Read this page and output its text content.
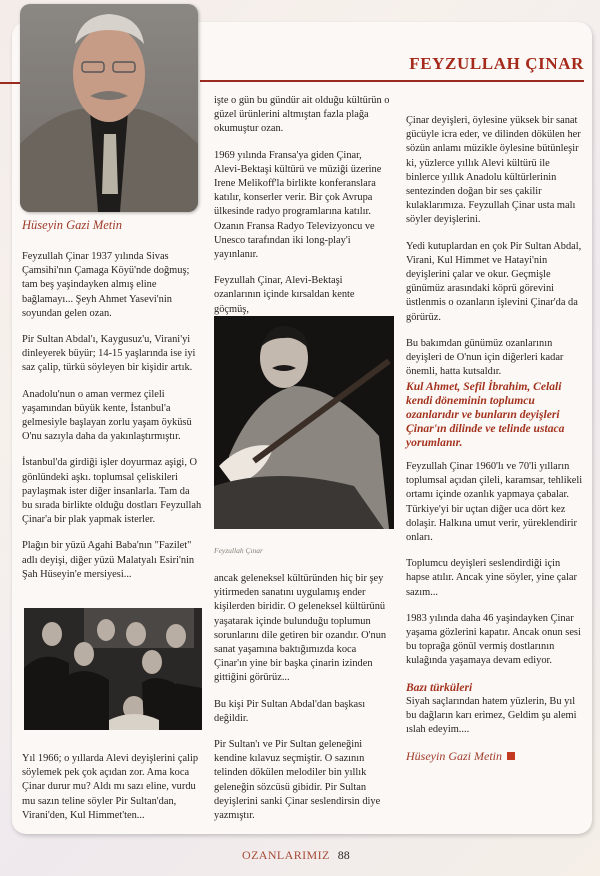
FEYZULLAH ÇINAR
Hüseyin Gazi Metin

Feyzullah Çinar 1937 yılında Sivas Çamsihi'nın Çamaga Köyü'nde doğmuş; tam beş yaşindayken almış eline bağlamayı... Şeyh Ahmet Yasevi'nin soyundan gelen ozan.

Pir Sultan Abdal'ı, Kaygusuz'u, Virani'yi dinleyerek büyür; 14-15 yaşlarında ise iyi saz çalip, türkü söyleyen bir kişidir artık.

Anadolu'nun o aman vermez çileli yaşamından büyük kente, İstanbul'a gelmesiyle başlayan zorlu yaşam öyküsü O'nu sazıyla daha da yakınlaştırmıştır.

İstanbul'da girdiği işler doyurmaz aşigi, O gönlündeki aşkı. toplumsal çeliskileri paylaşmak ister diğer insanlarla. Tam da bu sırada birlikte olduğu dostları Feyzullah Çinar'a bir plak yapmak isterler.

Plağın bir yüzü Agahi Baba'nın "Fazilet" adlı deyişi, diğer yüzü Malatyalı Esiri'nin Şah Hüseyin'e mersiyesi...

Yıl 1966; o yıllarda Alevi deyişlerini çalip söylemek pek çok açıdan zor. Ama koca Çinar durur mu? Aldı mı sazı eline, vurdu mu sazın teline söyler Pir Sultan'dan, Virani'den, Kul Himmet'ten...

işte o gün bu gündür ait olduğu kültürün o güzel ürünlerini altmıştan fazla plağa okumuştur ozan.

1969 yılında Fransa'ya giden Çinar, Alevi-Bektaşi kültürü ve müziği üzerine Irene Melikoff'la birlikte konferanslara katılır, konserler verir. Bir çok Avrupa ülkesinde radyo programlarına katılır. Ozanın Fransa Radyo Televizyoncu ve Unesco tarafından iki long-play'i yayınlanır.

Feyzullah Çinar, Alevi-Bektaşi ozanlarının içinde kırsaldan kente göçmüş,

Feyzullah Çınar

ancak geleneksel kültüründen hiç bir şey yitirmeden sanatını uygulamış ender kişilerden biridir. O geleneksel kültürünü yaşatarak içinde bulunduğu toplumun sorunlarını dile getiren bir ozandır. O'nun sanat yaşamına baktığımızda koca Çinar'ın yine bir başka çinarin izinden gittiğini görürüz...

Bu kişi Pir Sultan Abdal'dan başkası değildir.

Pir Sultan'ı ve Pir Sultan geleneğini kendine kılavuz seçmiştir. O sazının telinden dökülen melodiler bin yıllık geleneğin sözcüsü gibidir. Pir Sultan deyişlerini sanki Çinar seslendirsin diye yazmıştır.

Çinar deyişleri, öylesine yüksek bir sanat gücüyle icra eder, ve dilinden dökülen her sözün anlamı müzikle öylesine bütünleşir ki, yüzlerce yıllık Alevi kültürü ile binlerce yıllık Anadolu kültürlerinin sentezinden doğan bir ses çakilir kulaklarımıza. Feyzullah Çinar usta malı söyler deyişlerini.

Yedi kutuplardan en çok Pir Sultan Abdal, Virani, Kul Himmet ve Hatayi'nin deyişlerini çalar ve okur. Geçmişle günümüz arasındaki köprü görevini üstlenmis o ozanların işlevini Çinar'da da görürüz.

Bu bakımdan günümüz ozanlarının deyişleri de O'nun için diğerleri kadar önemli, hatta kutsaldır.

Kul Ahmet, Sefil İbrahim, Celali kendi döneminin toplumcu ozanlarıdır ve bunların deyişleri Çinar'ın dilinde ve telinde ustaca yorumlanır.

Feyzullah Çinar 1960'lı ve 70'li yılların toplumsal açıdan çileli, karamsar, tehlikeli ortamı içinde ozanlık yapmaya çabalar. Türkiye'yi bir uçtan diğer uca dört kez dolaşir. Halkına umut verir, yüreklendirir onları.

Toplumcu deyişleri seslendirdiği için hapse atılır. Ancak yine söyler, yine çalar sazım...

1983 yılında daha 46 yaşindayken Çinar yaşama gözlerini kapatır. Ancak onun sesi bu toprağa gönül vermiş dostlarının kulağında yaşamaya devam ediyor.

Bazı türküleri

Siyah saçlarından hatem yüzlerin, Bu yıl bu dağların karı erimez, Geldim şu alemi ıslah edeyim....

Hüseyin Gazi Metin

OZANLARIMIZ 88
